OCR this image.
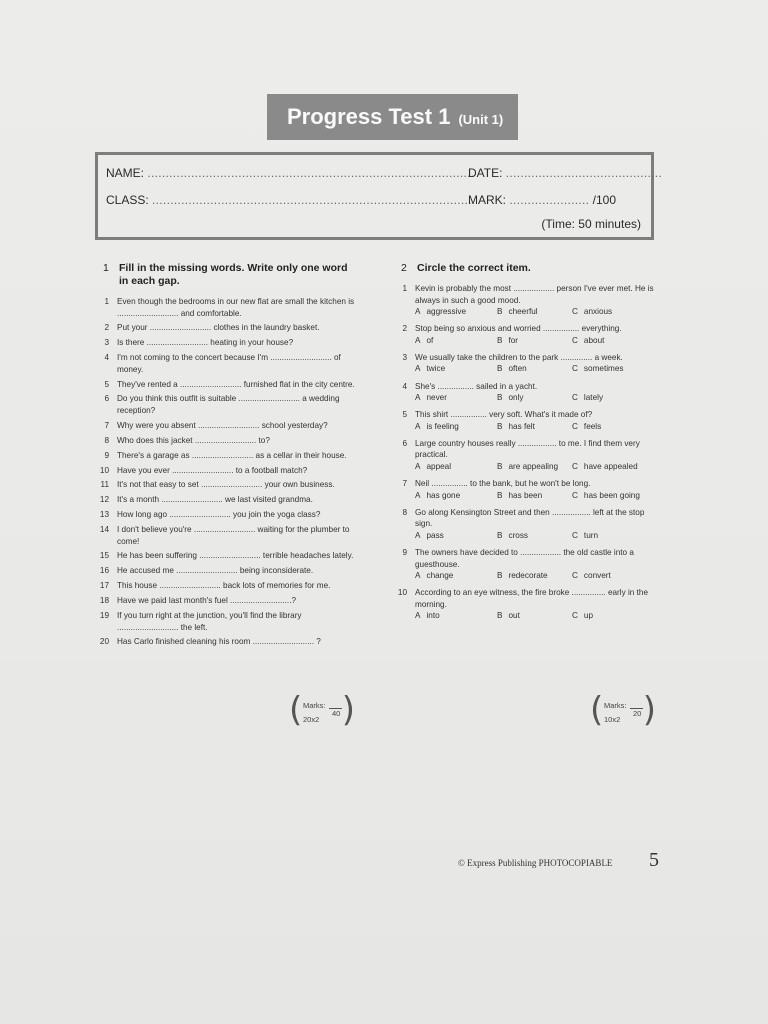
Progress Test 1 (Unit 1)
NAME: ..........................................................................................
DATE: ...........................................
CLASS: ........................................................................................
MARK: ...................... /100
(Time: 50 minutes)
1 Fill in the missing words. Write only one word in each gap.
1 Even though the bedrooms in our new flat are small the kitchen is ........................... and comfortable.
2 Put your ........................... clothes in the laundry basket.
3 Is there ........................... heating in your house?
4 I'm not coming to the concert because I'm ........................... of money.
5 They've rented a ........................... furnished flat in the city centre.
6 Do you think this outfit is suitable ........................... a wedding reception?
7 Why were you absent ........................... school yesterday?
8 Who does this jacket ........................... to?
9 There's a garage as ........................... as a cellar in their house.
10 Have you ever ........................... to a football match?
11 It's not that easy to set ........................... your own business.
12 It's a month ........................... we last visited grandma.
13 How long ago ........................... you join the yoga class?
14 I don't believe you're ........................... waiting for the plumber to come!
15 He has been suffering ........................... terrible headaches lately.
16 He accused me ........................... being inconsiderate.
17 This house ........................... back lots of memories for me.
18 Have we paid last month's fuel ...........................?
19 If you turn right at the junction, you'll find the library ........................... the left.
20 Has Carlo finished cleaning his room ........................... ?
( Marks:
20x2
40 )
2 Circle the correct item.
1 Kevin is probably the most .................. person I've ever met. He is always in such a good mood.
A aggressive	B cheerful	C anxious
2 Stop being so anxious and worried ................ everything.
A of	B for	C about
3 We usually take the children to the park .............. a week.
A twice	B often	C sometimes
4 She's ................ sailed in a yacht.
A never	B only	C lately
5 This shirt ................ very soft. What's it made of?
A is feeling	B has felt	C feels
6 Large country houses really ................. to me. I find them very practical.
A appeal	B are appealing C have appealed
7 Neil ................ to the bank, but he won't be long.
A has gone	B has been	C has been going
8 Go along Kensington Street and then ................. left at the stop sign.
A pass	B cross	C turn
9 The owners have decided to .................. the old castle into a guesthouse.
A change	B redecorate	C convert
10 According to an eye witness, the fire broke ............... early in the morning.
A into	B out	C up
( Marks:
10x2
20 )
© Express Publishing PHOTOCOPIABLE 5
